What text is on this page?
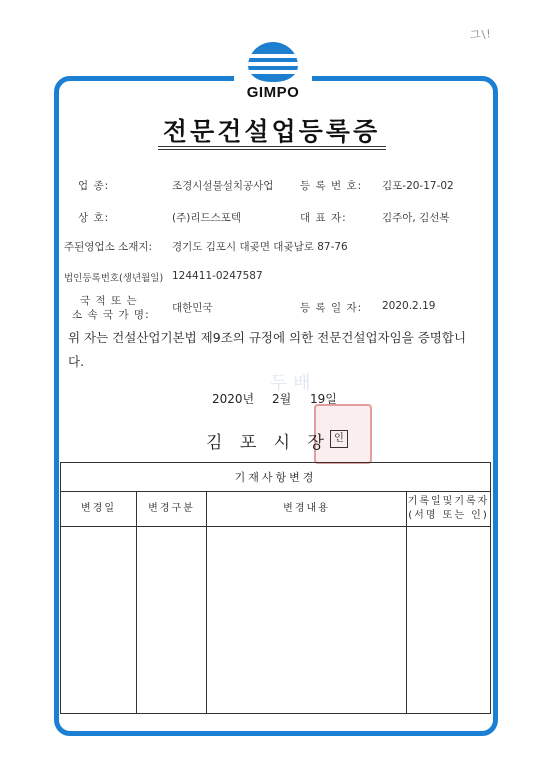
그\!
GIMPO
전문건설업등록증
업 종:	조경시설물설치공사업	등 록 번 호: 김포-20-17-02
상 호:	(주)리드스포텍	대 표 자:	김주아, 김선복
주된영업소 소재지: 경기도 김포시 대곶면 대곶남로 87-76
법인등록번호(생년월일) 124411-0247587
국 적 또 는
소 속 국 가 명:
대한민국	등 록 일 자: 2020.2.19
위 자는 건설산업기본법 제9조의 규정에 의한 전문건설업자임을 증명합니다.
두 배
2020년 2월 19일
김 포 시 장 인
기재사항변경			
변경일	변경구분	변경내용	기록일및기록자
(서명 또는 인)
